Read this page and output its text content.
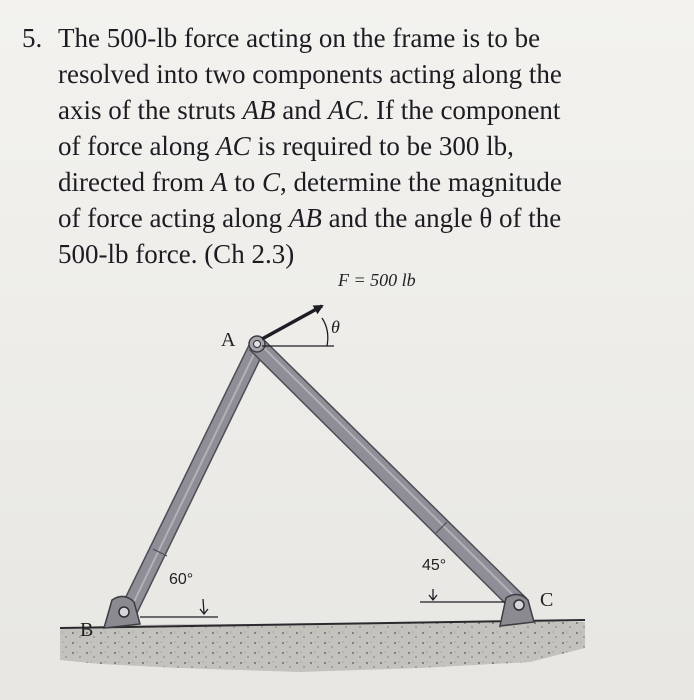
5. The 500-lb force acting on the frame is to be
resolved into two components acting along the
axis of the struts AB and AC. If the component
of force along AC is required to be 300 lb,
directed from A to C, determine the magnitude
of force acting along AB and the angle θ of the
500-lb force. (Ch 2.3)
F = 500 lb
θ
A
B
C
60°
45°
